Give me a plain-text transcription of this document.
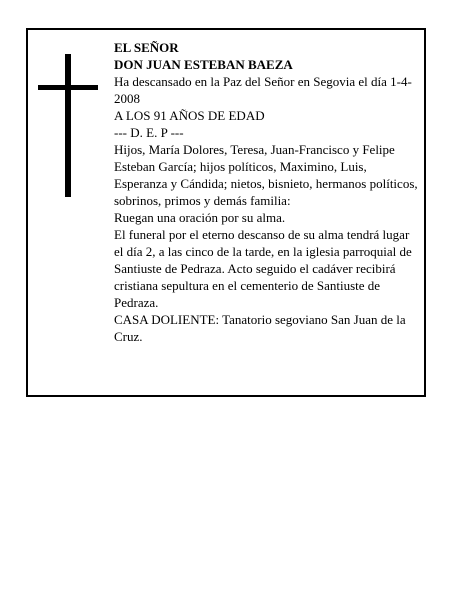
EL SEÑOR

DON JUAN ESTEBAN BAEZA

Ha descansado en la Paz del Señor en Segovia el día 1-4-2008

A LOS 91 AÑOS DE EDAD

--- D. E. P ---

Hijos, María Dolores, Teresa, Juan-Francisco y Felipe Esteban García; hijos políticos, Maximino, Luis, Esperanza y Cándida; nietos, bisnieto, hermanos políticos, sobrinos, primos y demás familia:

Ruegan una oración por su alma.

El funeral por el eterno descanso de su alma tendrá lugar el día 2, a las cinco de la tarde, en la iglesia parroquial de Santiuste de Pedraza. Acto seguido el cadáver recibirá cristiana sepultura en el cementerio de Santiuste de Pedraza.

CASA DOLIENTE: Tanatorio segoviano San Juan de la Cruz.
